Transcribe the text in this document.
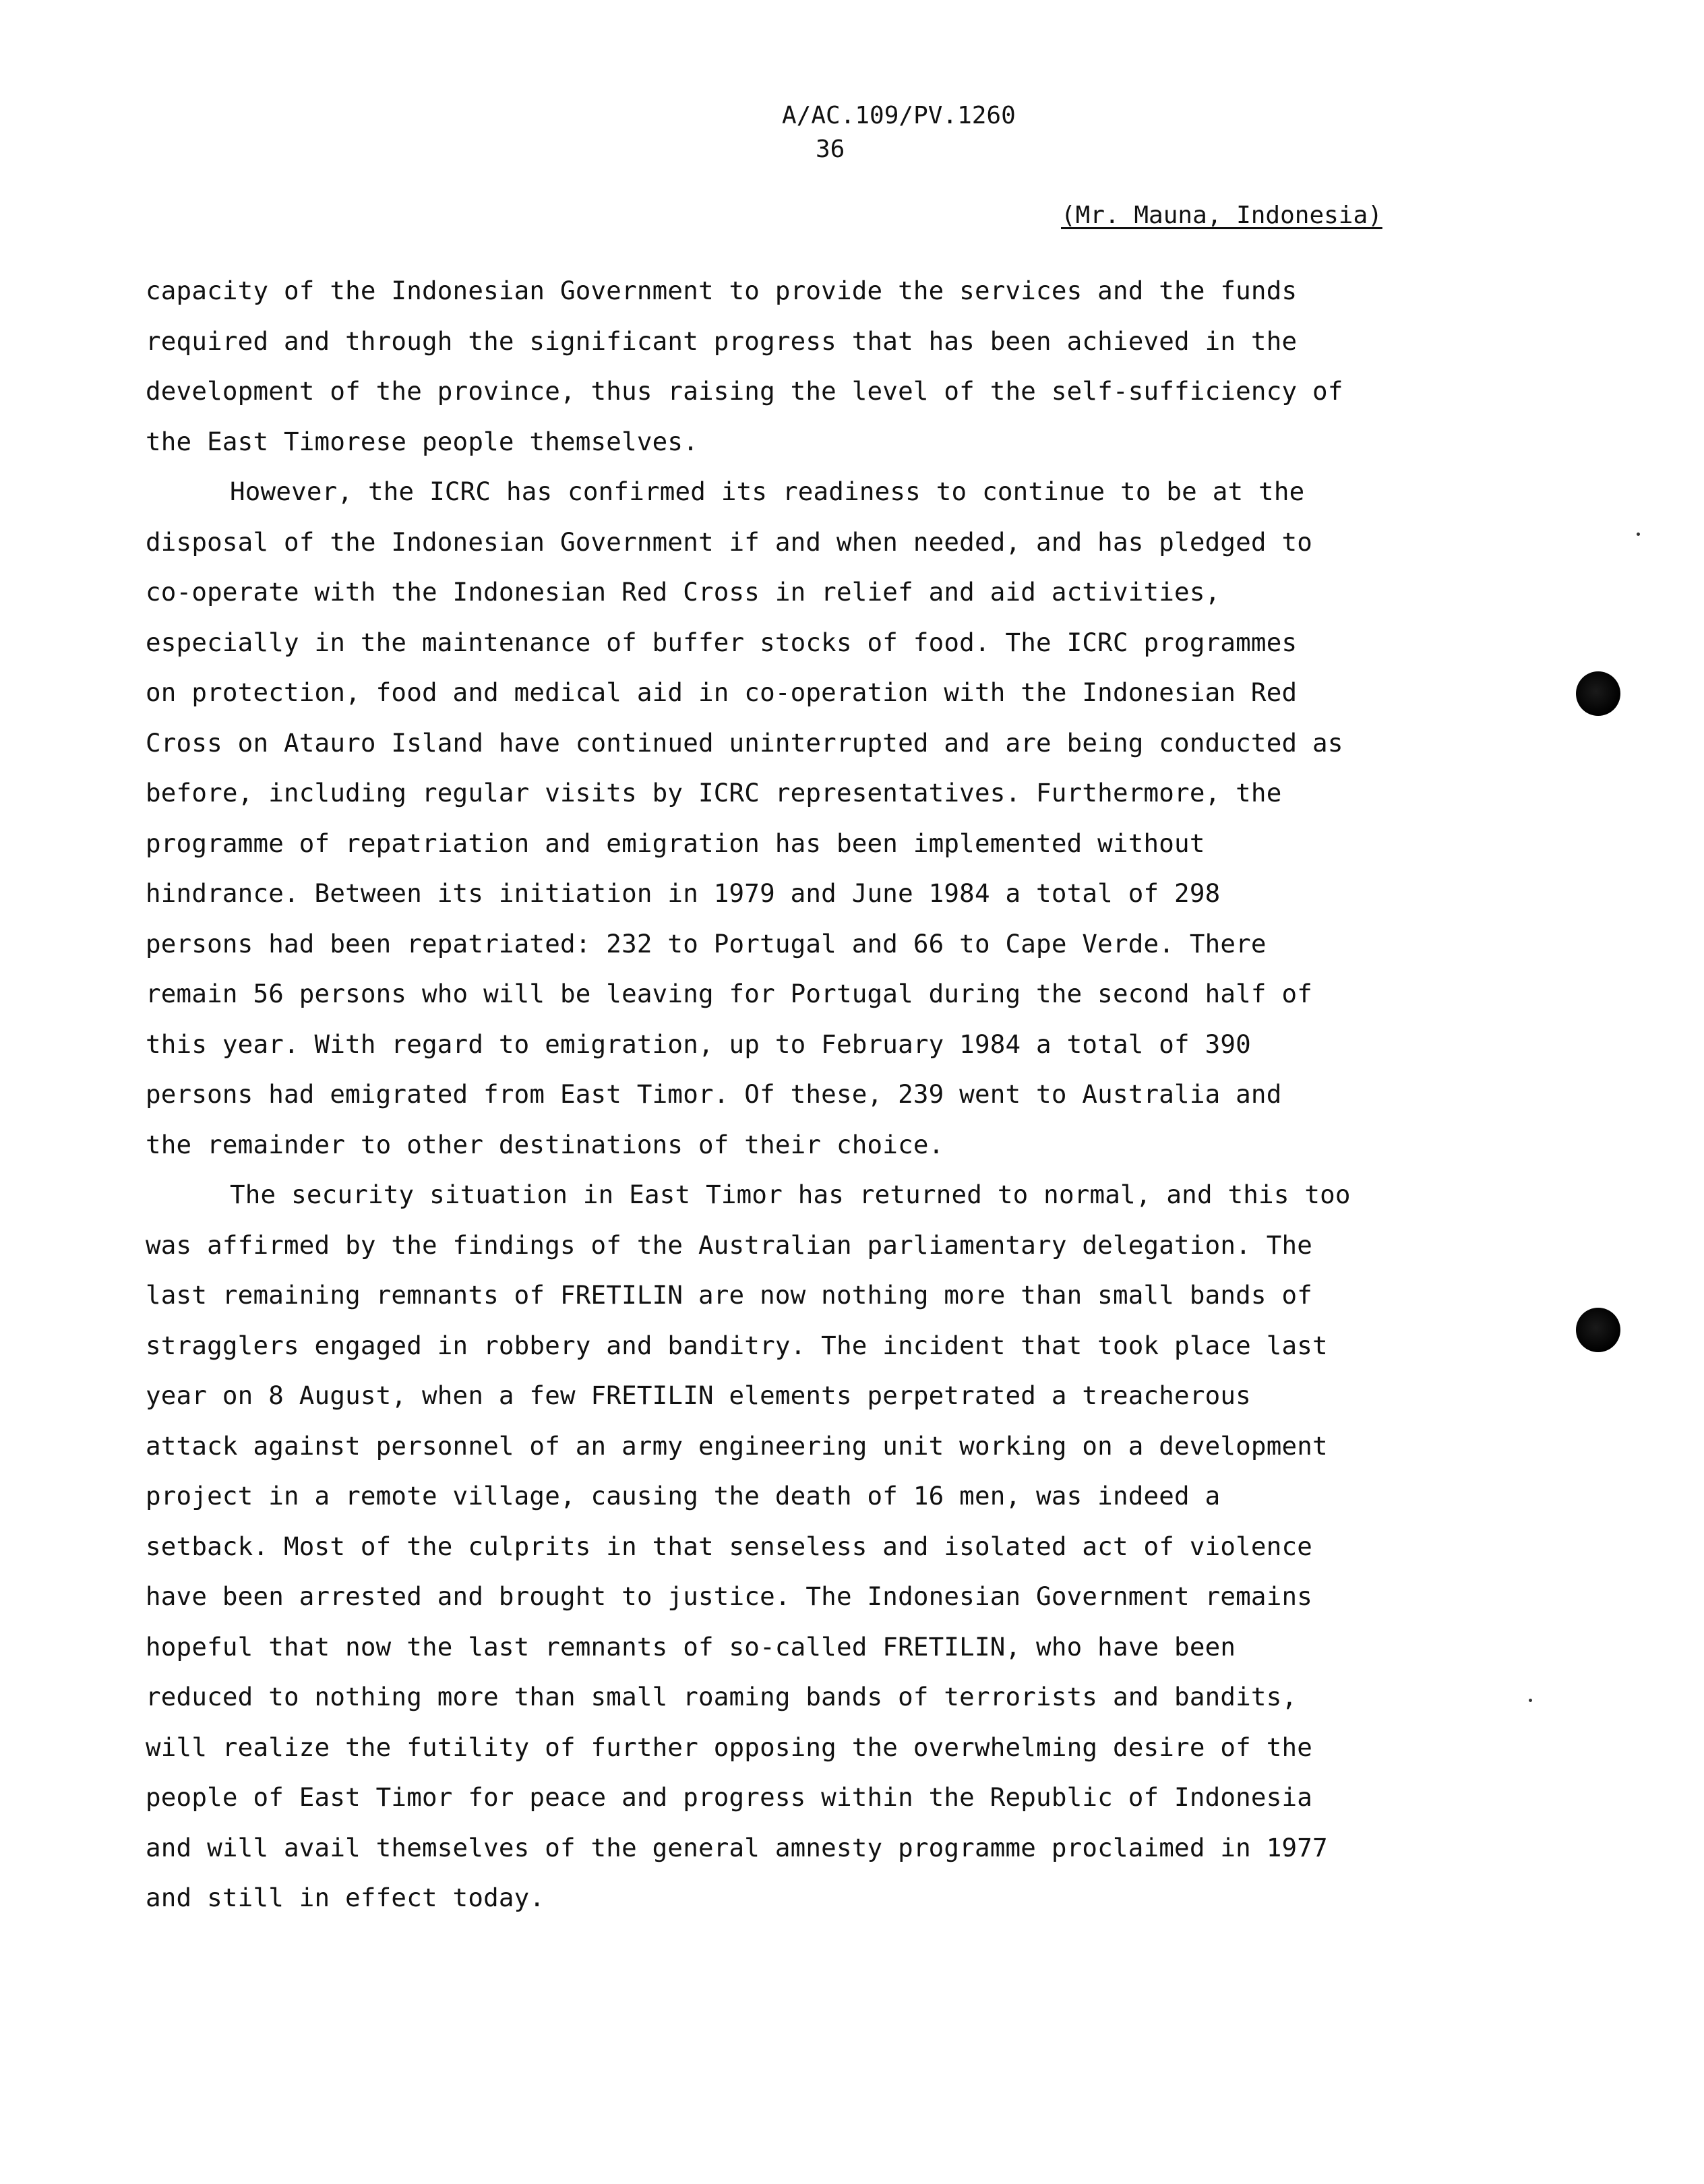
A/AC.109/PV.1260
36
(Mr. Mauna, Indonesia)
capacity of the Indonesian Government to provide the services and the funds
required and through the significant progress that has been achieved in the
development of the province, thus raising the level of the self-sufficiency of
the East Timorese people themselves.
However, the ICRC has confirmed its readiness to continue to be at the
disposal of the Indonesian Government if and when needed, and has pledged to
co-operate with the Indonesian Red Cross in relief and aid activities,
especially in the maintenance of buffer stocks of food. The ICRC programmes
on protection, food and medical aid in co-operation with the Indonesian Red
Cross on Atauro Island have continued uninterrupted and are being conducted as
before, including regular visits by ICRC representatives. Furthermore, the
programme of repatriation and emigration has been implemented without
hindrance. Between its initiation in 1979 and June 1984 a total of 298
persons had been repatriated: 232 to Portugal and 66 to Cape Verde. There
remain 56 persons who will be leaving for Portugal during the second half of
this year. With regard to emigration, up to February 1984 a total of 390
persons had emigrated from East Timor. Of these, 239 went to Australia and
the remainder to other destinations of their choice.
The security situation in East Timor has returned to normal, and this too
was affirmed by the findings of the Australian parliamentary delegation. The
last remaining remnants of FRETILIN are now nothing more than small bands of
stragglers engaged in robbery and banditry. The incident that took place last
year on 8 August, when a few FRETILIN elements perpetrated a treacherous
attack against personnel of an army engineering unit working on a development
project in a remote village, causing the death of 16 men, was indeed a
setback. Most of the culprits in that senseless and isolated act of violence
have been arrested and brought to justice. The Indonesian Government remains
hopeful that now the last remnants of so-called FRETILIN, who have been
reduced to nothing more than small roaming bands of terrorists and bandits,
will realize the futility of further opposing the overwhelming desire of the
people of East Timor for peace and progress within the Republic of Indonesia
and will avail themselves of the general amnesty programme proclaimed in 1977
and still in effect today.
